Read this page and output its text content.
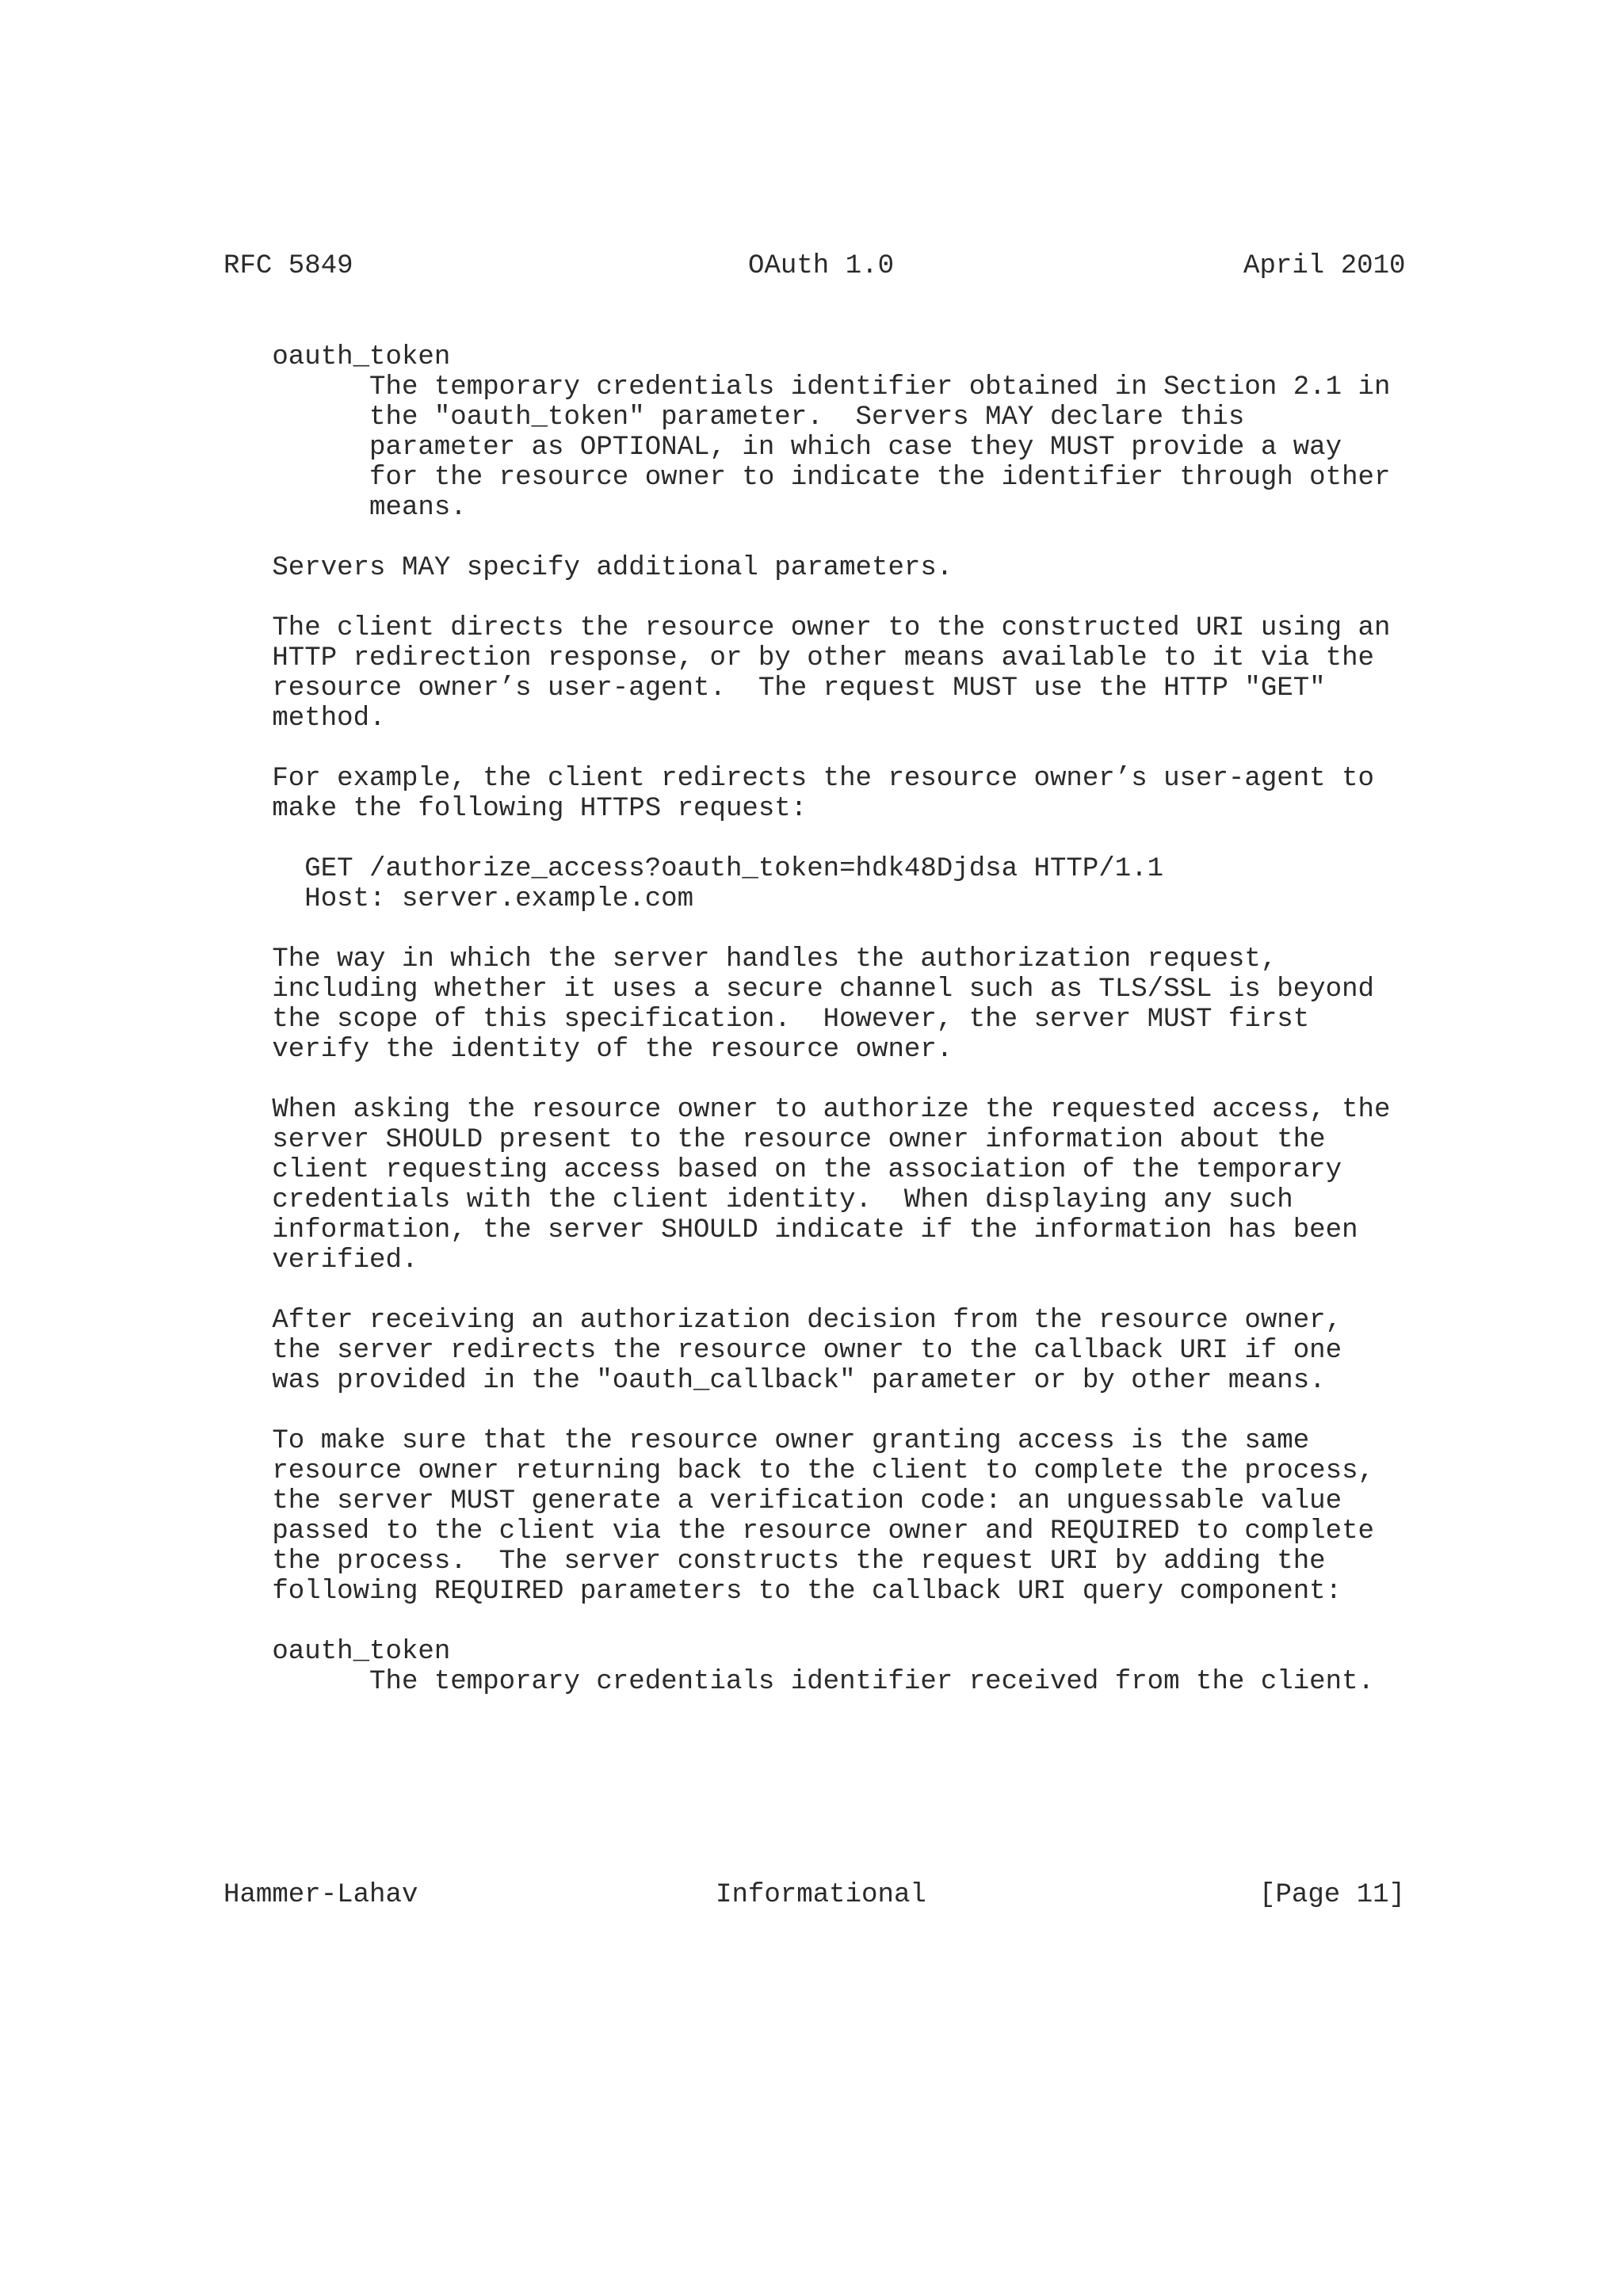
RFC 5849	OAuth 1.0	April 2010
oauth_token
The temporary credentials identifier obtained in Section 2.1 in
the "oauth_token" parameter.  Servers MAY declare this
parameter as OPTIONAL, in which case they MUST provide a way
for the resource owner to indicate the identifier through other
means.
Servers MAY specify additional parameters.
The client directs the resource owner to the constructed URI using an
HTTP redirection response, or by other means available to it via the
resource owner’s user-agent.  The request MUST use the HTTP "GET"
method.
For example, the client redirects the resource owner’s user-agent to
make the following HTTPS request:
GET /authorize_access?oauth_token=hdk48Djdsa HTTP/1.1
Host: server.example.com
The way in which the server handles the authorization request,
including whether it uses a secure channel such as TLS/SSL is beyond
the scope of this specification.  However, the server MUST first
verify the identity of the resource owner.
When asking the resource owner to authorize the requested access, the
server SHOULD present to the resource owner information about the
client requesting access based on the association of the temporary
credentials with the client identity.  When displaying any such
information, the server SHOULD indicate if the information has been
verified.
After receiving an authorization decision from the resource owner,
the server redirects the resource owner to the callback URI if one
was provided in the "oauth_callback" parameter or by other means.
To make sure that the resource owner granting access is the same
resource owner returning back to the client to complete the process,
the server MUST generate a verification code: an unguessable value
passed to the client via the resource owner and REQUIRED to complete
the process.  The server constructs the request URI by adding the
following REQUIRED parameters to the callback URI query component:
oauth_token
The temporary credentials identifier received from the client.
Hammer-Lahav	Informational	[Page 11]
